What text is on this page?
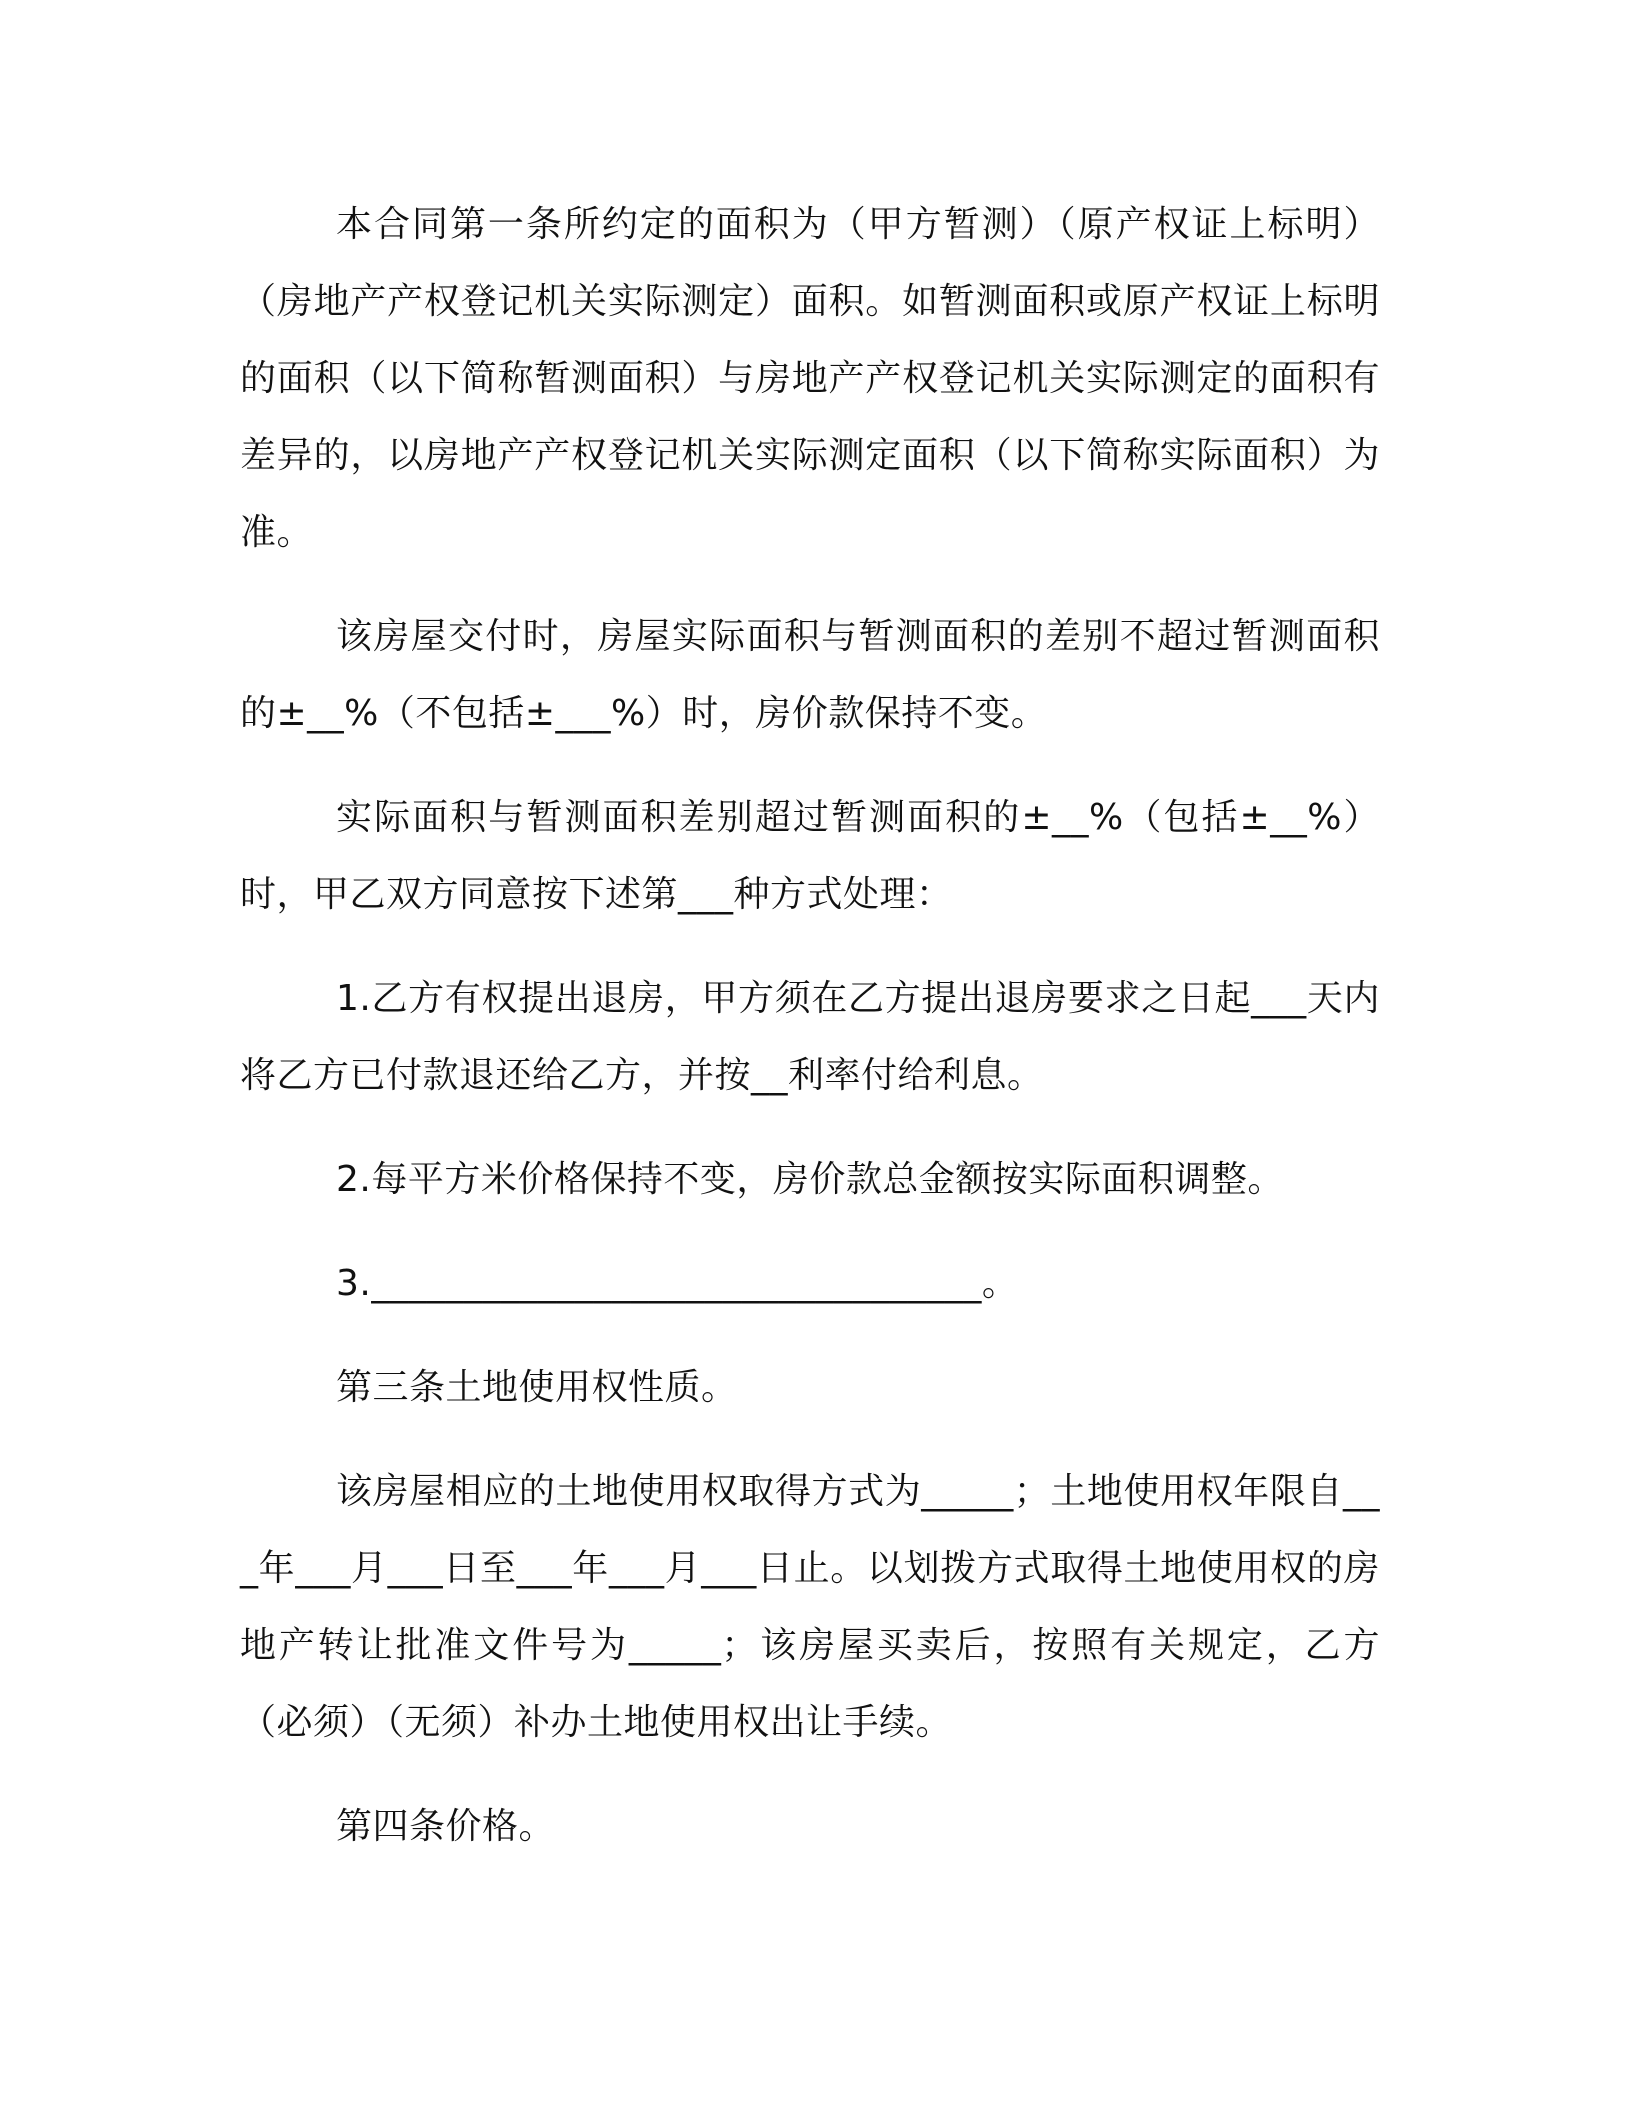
本合同第一条所约定的面积为（甲方暂测）（原产权证上标明）（房地产产权登记机关实际测定）面积。如暂测面积或原产权证上标明的面积（以下简称暂测面积）与房地产产权登记机关实际测定的面积有差异的，以房地产产权登记机关实际测定面积（以下简称实际面积）为准。

该房屋交付时，房屋实际面积与暂测面积的差别不超过暂测面积的±__%（不包括±___%）时，房价款保持不变。

实际面积与暂测面积差别超过暂测面积的±__%（包括±__%）时，甲乙双方同意按下述第___种方式处理：

1.乙方有权提出退房，甲方须在乙方提出退房要求之日起___天内将乙方已付款退还给乙方，并按__利率付给利息。

2.每平方米价格保持不变，房价款总金额按实际面积调整。

3._________________________________。

第三条土地使用权性质。

该房屋相应的土地使用权取得方式为_____；土地使用权年限自___年___月___日至___年___月___日止。以划拨方式取得土地使用权的房地产转让批准文件号为_____；该房屋买卖后，按照有关规定，乙方（必须）（无须）补办土地使用权出让手续。

第四条价格。
